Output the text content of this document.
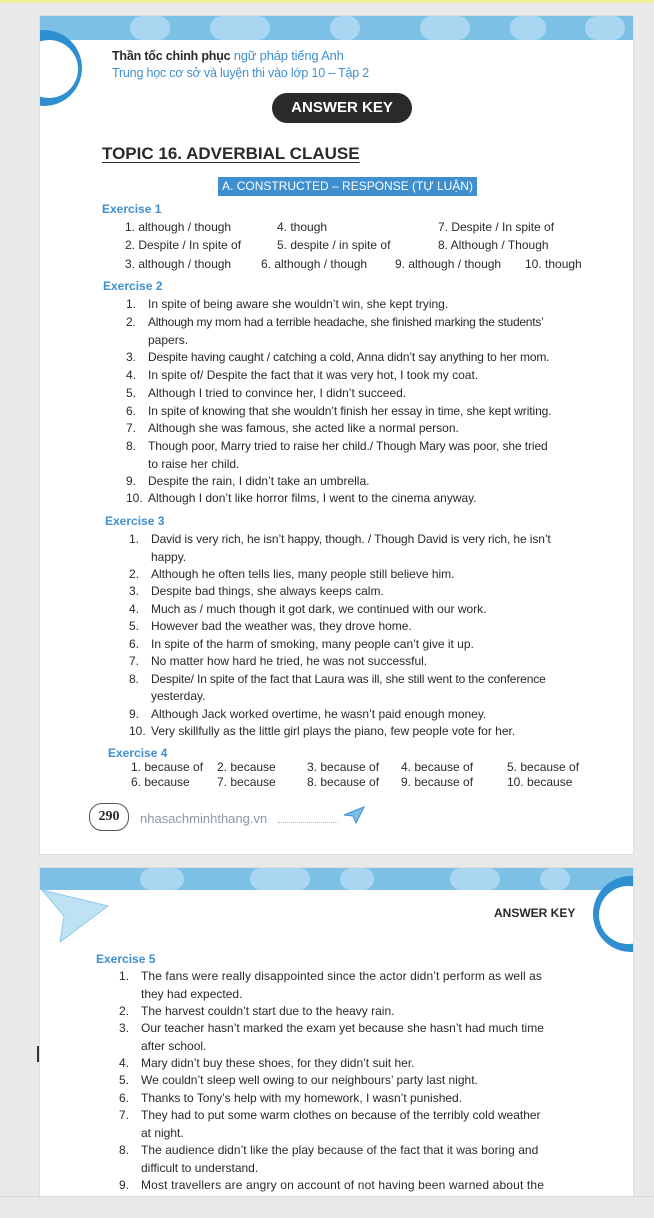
Thần tốc chinh phục ngữ pháp tiếng Anh
Trung học cơ sở và luyện thi vào lớp 10 – Tập 2
ANSWER KEY
TOPIC 16. ADVERBIAL CLAUSE
A. CONSTRUCTED – RESPONSE (TỰ LUẬN)
Exercise 1
1. although / though	4. though	7. Despite / In spite of
2. Despite / In spite of	5. despite / in spite of	8. Although / Though
3. although / though 6. although / though 9. although / though 10. though
Exercise 2
1. In spite of being aware she wouldn’t win, she kept trying.
2. Although my mom had a terrible headache, she finished marking the students’
papers.
3. Despite having caught / catching a cold, Anna didn’t say anything to her mom.
4. In spite of/ Despite the fact that it was very hot, I took my coat.
5. Although I tried to convince her, I didn’t succeed.
6. In spite of knowing that she wouldn’t finish her essay in time, she kept writing.
7. Although she was famous, she acted like a normal person.
8. Though poor, Marry tried to raise her child./ Though Mary was poor, she tried
to raise her child.
9. Despite the rain, I didn’t take an umbrella.
10. Although I don’t like horror films, I went to the cinema anyway.
Exercise 3
1. David is very rich, he isn’t happy, though. / Though David is very rich, he isn’t
happy.
2. Although he often tells lies, many people still believe him.
3. Despite bad things, she always keeps calm.
4. Much as / much though it got dark, we continued with our work.
5. However bad the weather was, they drove home.
6. In spite of the harm of smoking, many people can’t give it up.
7. No matter how hard he tried, he was not successful.
8. Despite/ In spite of the fact that Laura was ill, she still went to the conference
yesterday.
9. Although Jack worked overtime, he wasn’t paid enough money.
10. Very skillfully as the little girl plays the piano, few people vote for her.
Exercise 4
1. because of 2. because	3. because of 4. because of	5. because of
6. because 7. because	8. because of 9. because of	10. because
290	nhasachminhthang.vn
ANSWER KEY
Exercise 5
1. The fans were really disappointed since the actor didn’t perform as well as
they had expected.
2. The harvest couldn’t start due to the heavy rain.
3. Our teacher hasn’t marked the exam yet because she hasn’t had much time
after school.
4. Mary didn’t buy these shoes, for they didn’t suit her.
5. We couldn’t sleep well owing to our neighbours’ party last night.
6. Thanks to Tony’s help with my homework, I wasn’t punished.
7. They had to put some warm clothes on because of the terribly cold weather
at night.
8. The audience didn’t like the play because of the fact that it was boring and
difficult to understand.
9. Most travellers are angry on account of not having been warned about the
